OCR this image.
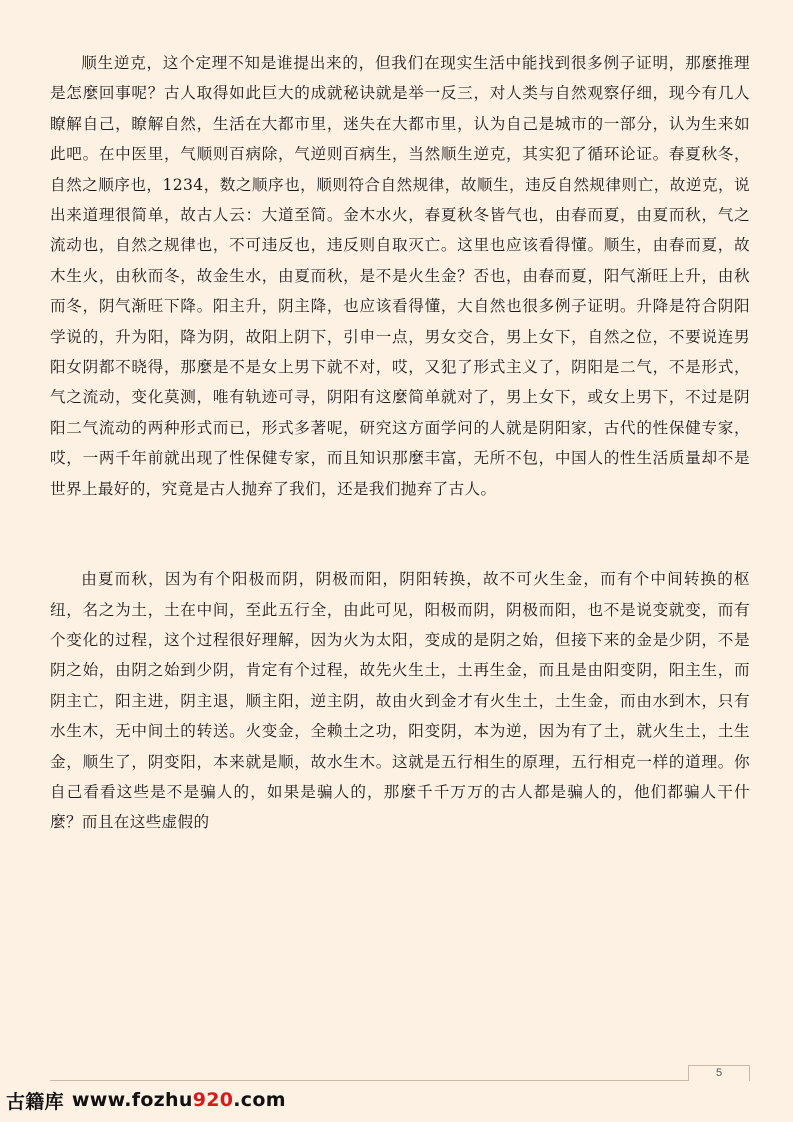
顺生逆克，这个定理不知是谁提出来的，但我们在现实生活中能找到很多例子证明，那麼推理是怎麼回事呢？古人取得如此巨大的成就秘诀就是举一反三，对人类与自然观察仔细，现今有几人瞭解自己，瞭解自然，生活在大都市里，迷失在大都市里，认为自己是城市的一部分，认为生来如此吧。在中医里，气顺则百病除，气逆则百病生，当然顺生逆克，其实犯了循环论证。春夏秋冬，自然之顺序也，1234，数之顺序也，顺则符合自然规律，故顺生，违反自然规律则亡，故逆克，说出来道理很简单，故古人云：大道至简。金木水火，春夏秋冬皆气也，由春而夏，由夏而秋，气之流动也，自然之规律也，不可违反也，违反则自取灭亡。这里也应该看得懂。顺生，由春而夏，故木生火，由秋而冬，故金生水，由夏而秋，是不是火生金？否也，由春而夏，阳气渐旺上升，由秋而冬，阴气渐旺下降。阳主升，阴主降，也应该看得懂，大自然也很多例子证明。升降是符合阴阳学说的，升为阳，降为阴，故阳上阴下，引申一点，男女交合，男上女下，自然之位，不要说连男阳女阴都不晓得，那麼是不是女上男下就不对，哎，又犯了形式主义了，阴阳是二气，不是形式，气之流动，变化莫测，唯有轨迹可寻，阴阳有这麼简单就对了，男上女下，或女上男下，不过是阴阳二气流动的两种形式而已，形式多著呢，研究这方面学问的人就是阴阳家，古代的性保健专家，哎，一两千年前就出现了性保健专家，而且知识那麼丰富，无所不包，中国人的性生活质量却不是世界上最好的，究竟是古人抛弃了我们，还是我们抛弃了古人。

由夏而秋，因为有个阳极而阴，阴极而阳，阴阳转换，故不可火生金，而有个中间转换的枢纽，名之为土，土在中间，至此五行全，由此可见，阳极而阴，阴极而阳，也不是说变就变，而有个变化的过程，这个过程很好理解，因为火为太阳，变成的是阴之始，但接下来的金是少阴，不是阴之始，由阴之始到少阴，肯定有个过程，故先火生土，土再生金，而且是由阳变阴，阳主生，而阴主亡，阳主进，阴主退，顺主阳，逆主阴，故由火到金才有火生土，土生金，而由水到木，只有水生木，无中间土的转送。火变金，全赖土之功，阳变阴，本为逆，因为有了土，就火生土，土生金，顺生了，阴变阳，本来就是顺，故水生木。这就是五行相生的原理，五行相克一样的道理。你自己看看这些是不是骗人的，如果是骗人的，那麼千千万万的古人都是骗人的，他们都骗人干什麼？而且在这些虚假的

5
古籍库 www.fozhu 920 .com
